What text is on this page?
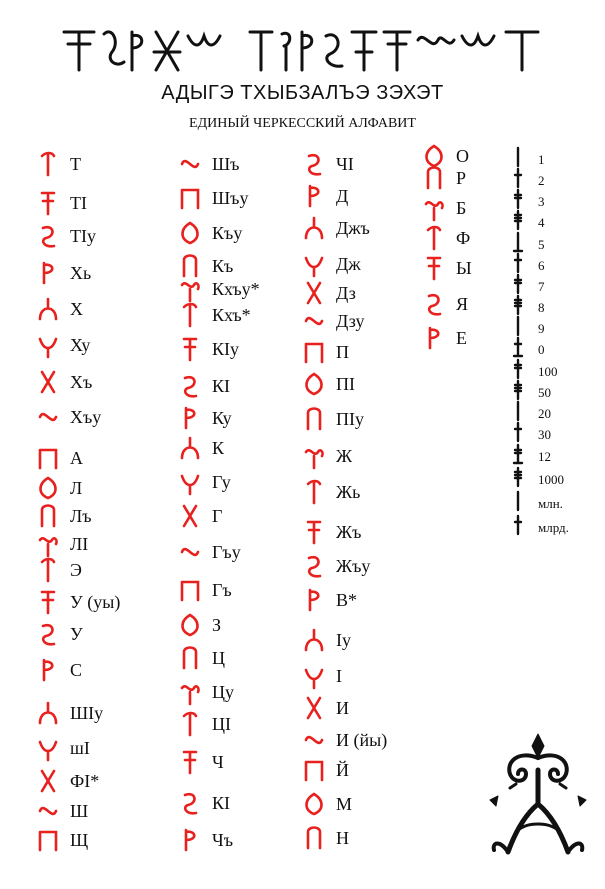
АДЫГЭ ТХЫБЗАЛЪЭ ЗЭХЭТ
ЕДИНЫЙ ЧЕРКЕССКИЙ АЛФАВИТ
Т
ТI
ТIу
Хь
Х
Ху
Хъ
Хъу
А
Л
Лъ
ЛI
Э
У (уы)
У
С
ШIу
шI
ФI*
Ш
Щ
Шъ
Шъу
Къу
Къ
Кхъу*
Кхъ*
КIу
КI
Ку
К
Гу
Г
Гъу
Гъ
З
Ц
Цу
ЦI
Ч
КI
Чъ
ЧI
Д
Джъ
Дж
Дз
Дзу
П
ПI
ПIу
Ж
Жь
Жъ
Жъу
В*
Iу
I
И
И (йы)
Й
М
Н
О
Р
Б
Ф
Ы
Я
Е
1
2
3
4
5
6
7
8
9
0
100
50
20
30
12
1000
млн.
млрд.
